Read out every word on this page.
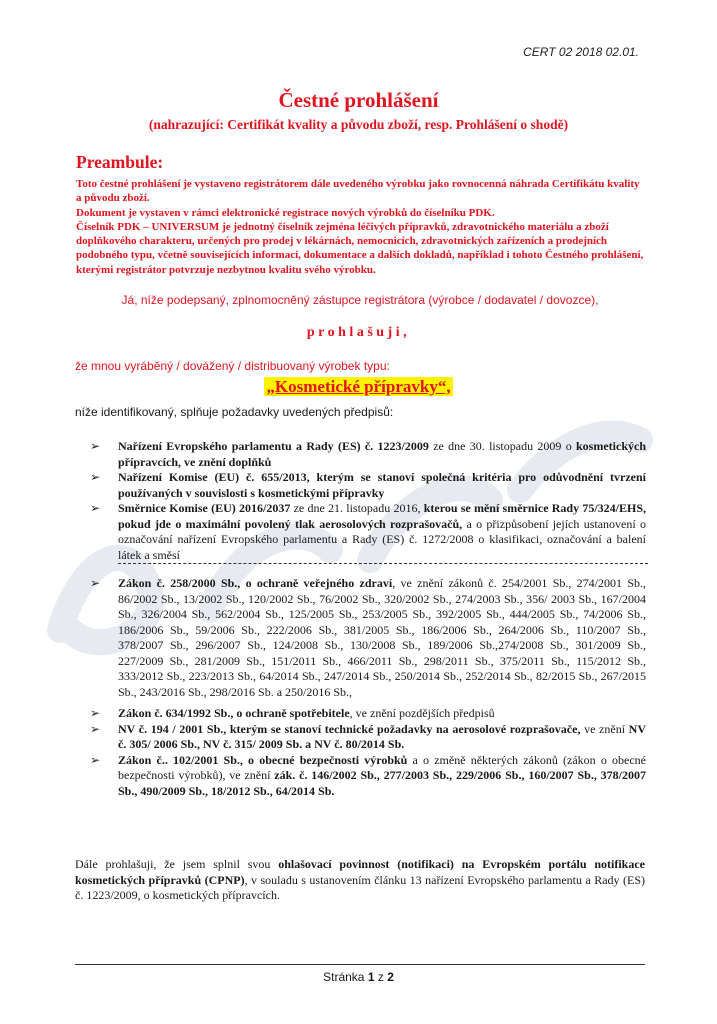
CERT 02 2018 02.01.
Čestné prohlášení
(nahrazující: Certifikát kvality a původu zboží, resp. Prohlášení o shodě)
Preambule:

Toto čestné prohlášení je vystaveno registrátorem dále uvedeného výrobku jako rovnocenná náhrada Certifikátu kvality a původu zboží.

Dokument je vystaven v rámci elektronické registrace nových výrobků do číselníku PDK.

Číselník PDK – UNIVERSUM je jednotný číselník zejména léčivých přípravků, zdravotnického materiálu a zboží doplňkového charakteru, určených pro prodej v lékárnách, nemocnicích, zdravotnických zařízeních a prodejních podobného typu, včetně souvisejících informací, dokumentace a dalších dokladů, například i tohoto Čestného prohlášení, kterými registrátor potvrzuje nezbytnou kvalitu svého výrobku.

Já, níže podepsaný, zplnomocněný zástupce registrátora (výrobce / dodavatel / dovozce),
prohlašuji,
že mnou vyráběný / dovážený / distribuovaný výrobek typu:
„Kosmetické přípravky“,
níže identifikovaný, splňuje požadavky uvedených předpisů:
➢ Nařízení Evropského parlamentu a Rady (ES) č. 1223/2009 ze dne 30. listopadu 2009 o kosmetických přípravcích, ve znění doplňků
➢ Nařízení Komise (EU) č. 655/2013, kterým se stanoví společná kritéria pro odůvodnění tvrzení používaných v souvislosti s kosmetickými přípravky
➢ Směrnice Komise (EU) 2016/2037 ze dne 21. listopadu 2016, kterou se mění směrnice Rady 75/324/EHS, pokud jde o maximální povolený tlak aerosolových rozprašovačů, a o přizpůsobení jejích ustanovení o označování nařízení Evropského parlamentu a Rady (ES) č. 1272/2008 o klasifikaci, označování a balení látek a směsí
➢ Zákon č. 258/2000 Sb., o ochraně veřejného zdraví, ve znění zákonů č. 254/2001 Sb., 274/2001 Sb., 86/2002 Sb., 13/2002 Sb., 120/2002 Sb., 76/2002 Sb., 320/2002 Sb., 274/2003 Sb., 356/ 2003 Sb., 167/2004 Sb., 326/2004 Sb., 562/2004 Sb., 125/2005 Sb., 253/2005 Sb., 392/2005 Sb., 444/2005 Sb., 74/2006 Sb., 186/2006 Sb., 59/2006 Sb., 222/2006 Sb., 381/2005 Sb., 186/2006 Sb., 264/2006 Sb., 110/2007 Sb., 378/2007 Sb., 296/2007 Sb., 124/2008 Sb., 130/2008 Sb., 189/2006 Sb.,274/2008 Sb., 301/2009 Sb., 227/2009 Sb., 281/2009 Sb., 151/2011 Sb., 466/2011 Sb., 298/2011 Sb., 375/2011 Sb., 115/2012 Sb., 333/2012 Sb., 223/2013 Sb., 64/2014 Sb., 247/2014 Sb., 250/2014 Sb., 252/2014 Sb., 82/2015 Sb., 267/2015 Sb., 243/2016 Sb., 298/2016 Sb. a 250/2016 Sb.,
➢ Zákon č. 634/1992 Sb., o ochraně spotřebitele, ve znění pozdějších předpisů
➢ NV č. 194 / 2001 Sb., kterým se stanoví technické požadavky na aerosolové rozprašovače, ve znění NV č. 305/ 2006 Sb., NV č. 315/ 2009 Sb. a NV č. 80/2014 Sb.
➢ Zákon č.. 102/2001 Sb., o obecné bezpečnosti výrobků a o změně některých zákonů (zákon o obecné bezpečnosti výrobků), ve znění zák. č. 146/2002 Sb., 277/2003 Sb., 229/2006 Sb., 160/2007 Sb., 378/2007 Sb., 490/2009 Sb., 18/2012 Sb., 64/2014 Sb.
Dále prohlašuji, že jsem splnil svou ohlašovací povinnost (notifikaci) na Evropském portálu notifikace kosmetických přípravků (CPNP), v souladu s ustanovením článku 13 nařízení Evropského parlamentu a Rady (ES) č. 1223/2009, o kosmetických přípravcích.
Stránka 1 z 2
